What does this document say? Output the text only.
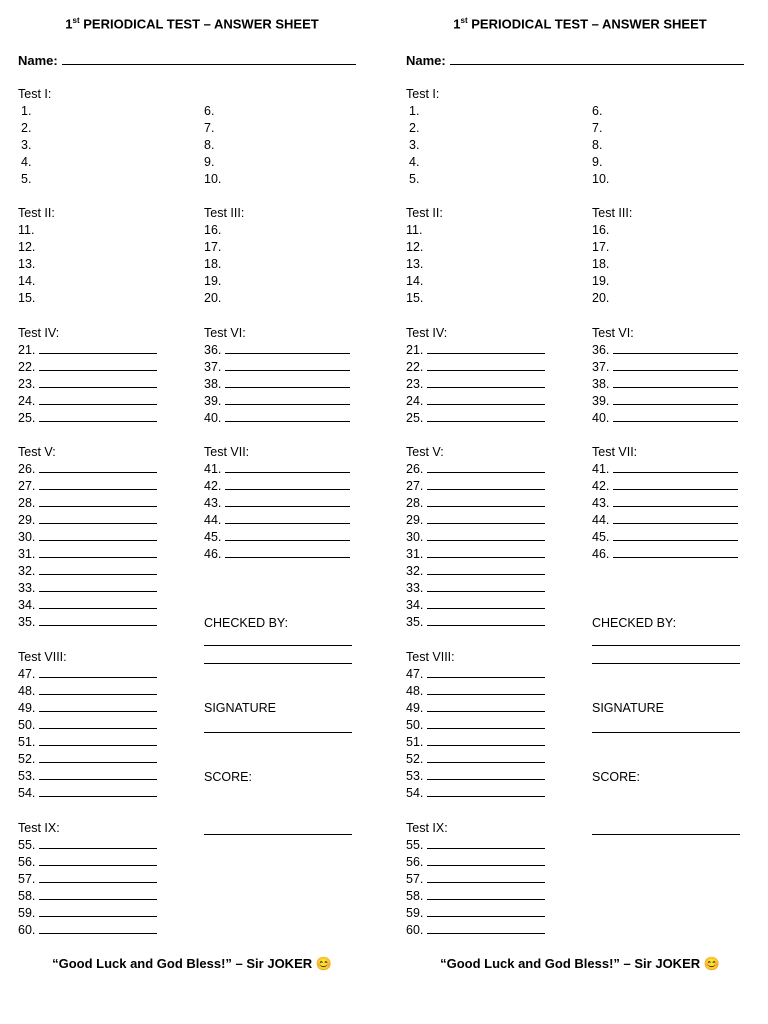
1st PERIODICAL TEST – ANSWER SHEET
Name:
Test I:
1.
2.
3.
4.
5.
6.
7.
8.
9.
10.
Test II:
11.
12.
13.
14.
15.
Test III:
16.
17.
18.
19.
20.
Test IV:
21.
22.
23.
24.
25.
Test VI:
36.
37.
38.
39.
40.
Test V:
26.
27.
28.
29.
30.
31.
32.
33.
34.
35.
Test VII:
41.
42.
43.
44.
45.
46.
CHECKED BY:
Test VIII:
47.
48.
49.
50.
51.
52.
53.
54.
SIGNATURE
SCORE:
Test IX:
55.
56.
57.
58.
59.
60.
“Good Luck and God Bless!” – Sir JOKER 😊
1st PERIODICAL TEST – ANSWER SHEET
Name:
Test I:
1.
2.
3.
4.
5.
6.
7.
8.
9.
10.
Test II:
11.
12.
13.
14.
15.
Test III:
16.
17.
18.
19.
20.
Test IV:
21.
22.
23.
24.
25.
Test VI:
36.
37.
38.
39.
40.
Test V:
26.
27.
28.
29.
30.
31.
32.
33.
34.
35.
Test VII:
41.
42.
43.
44.
45.
46.
CHECKED BY:
Test VIII:
47.
48.
49.
50.
51.
52.
53.
54.
SIGNATURE
SCORE:
Test IX:
55.
56.
57.
58.
59.
60.
“Good Luck and God Bless!” – Sir JOKER 😊
